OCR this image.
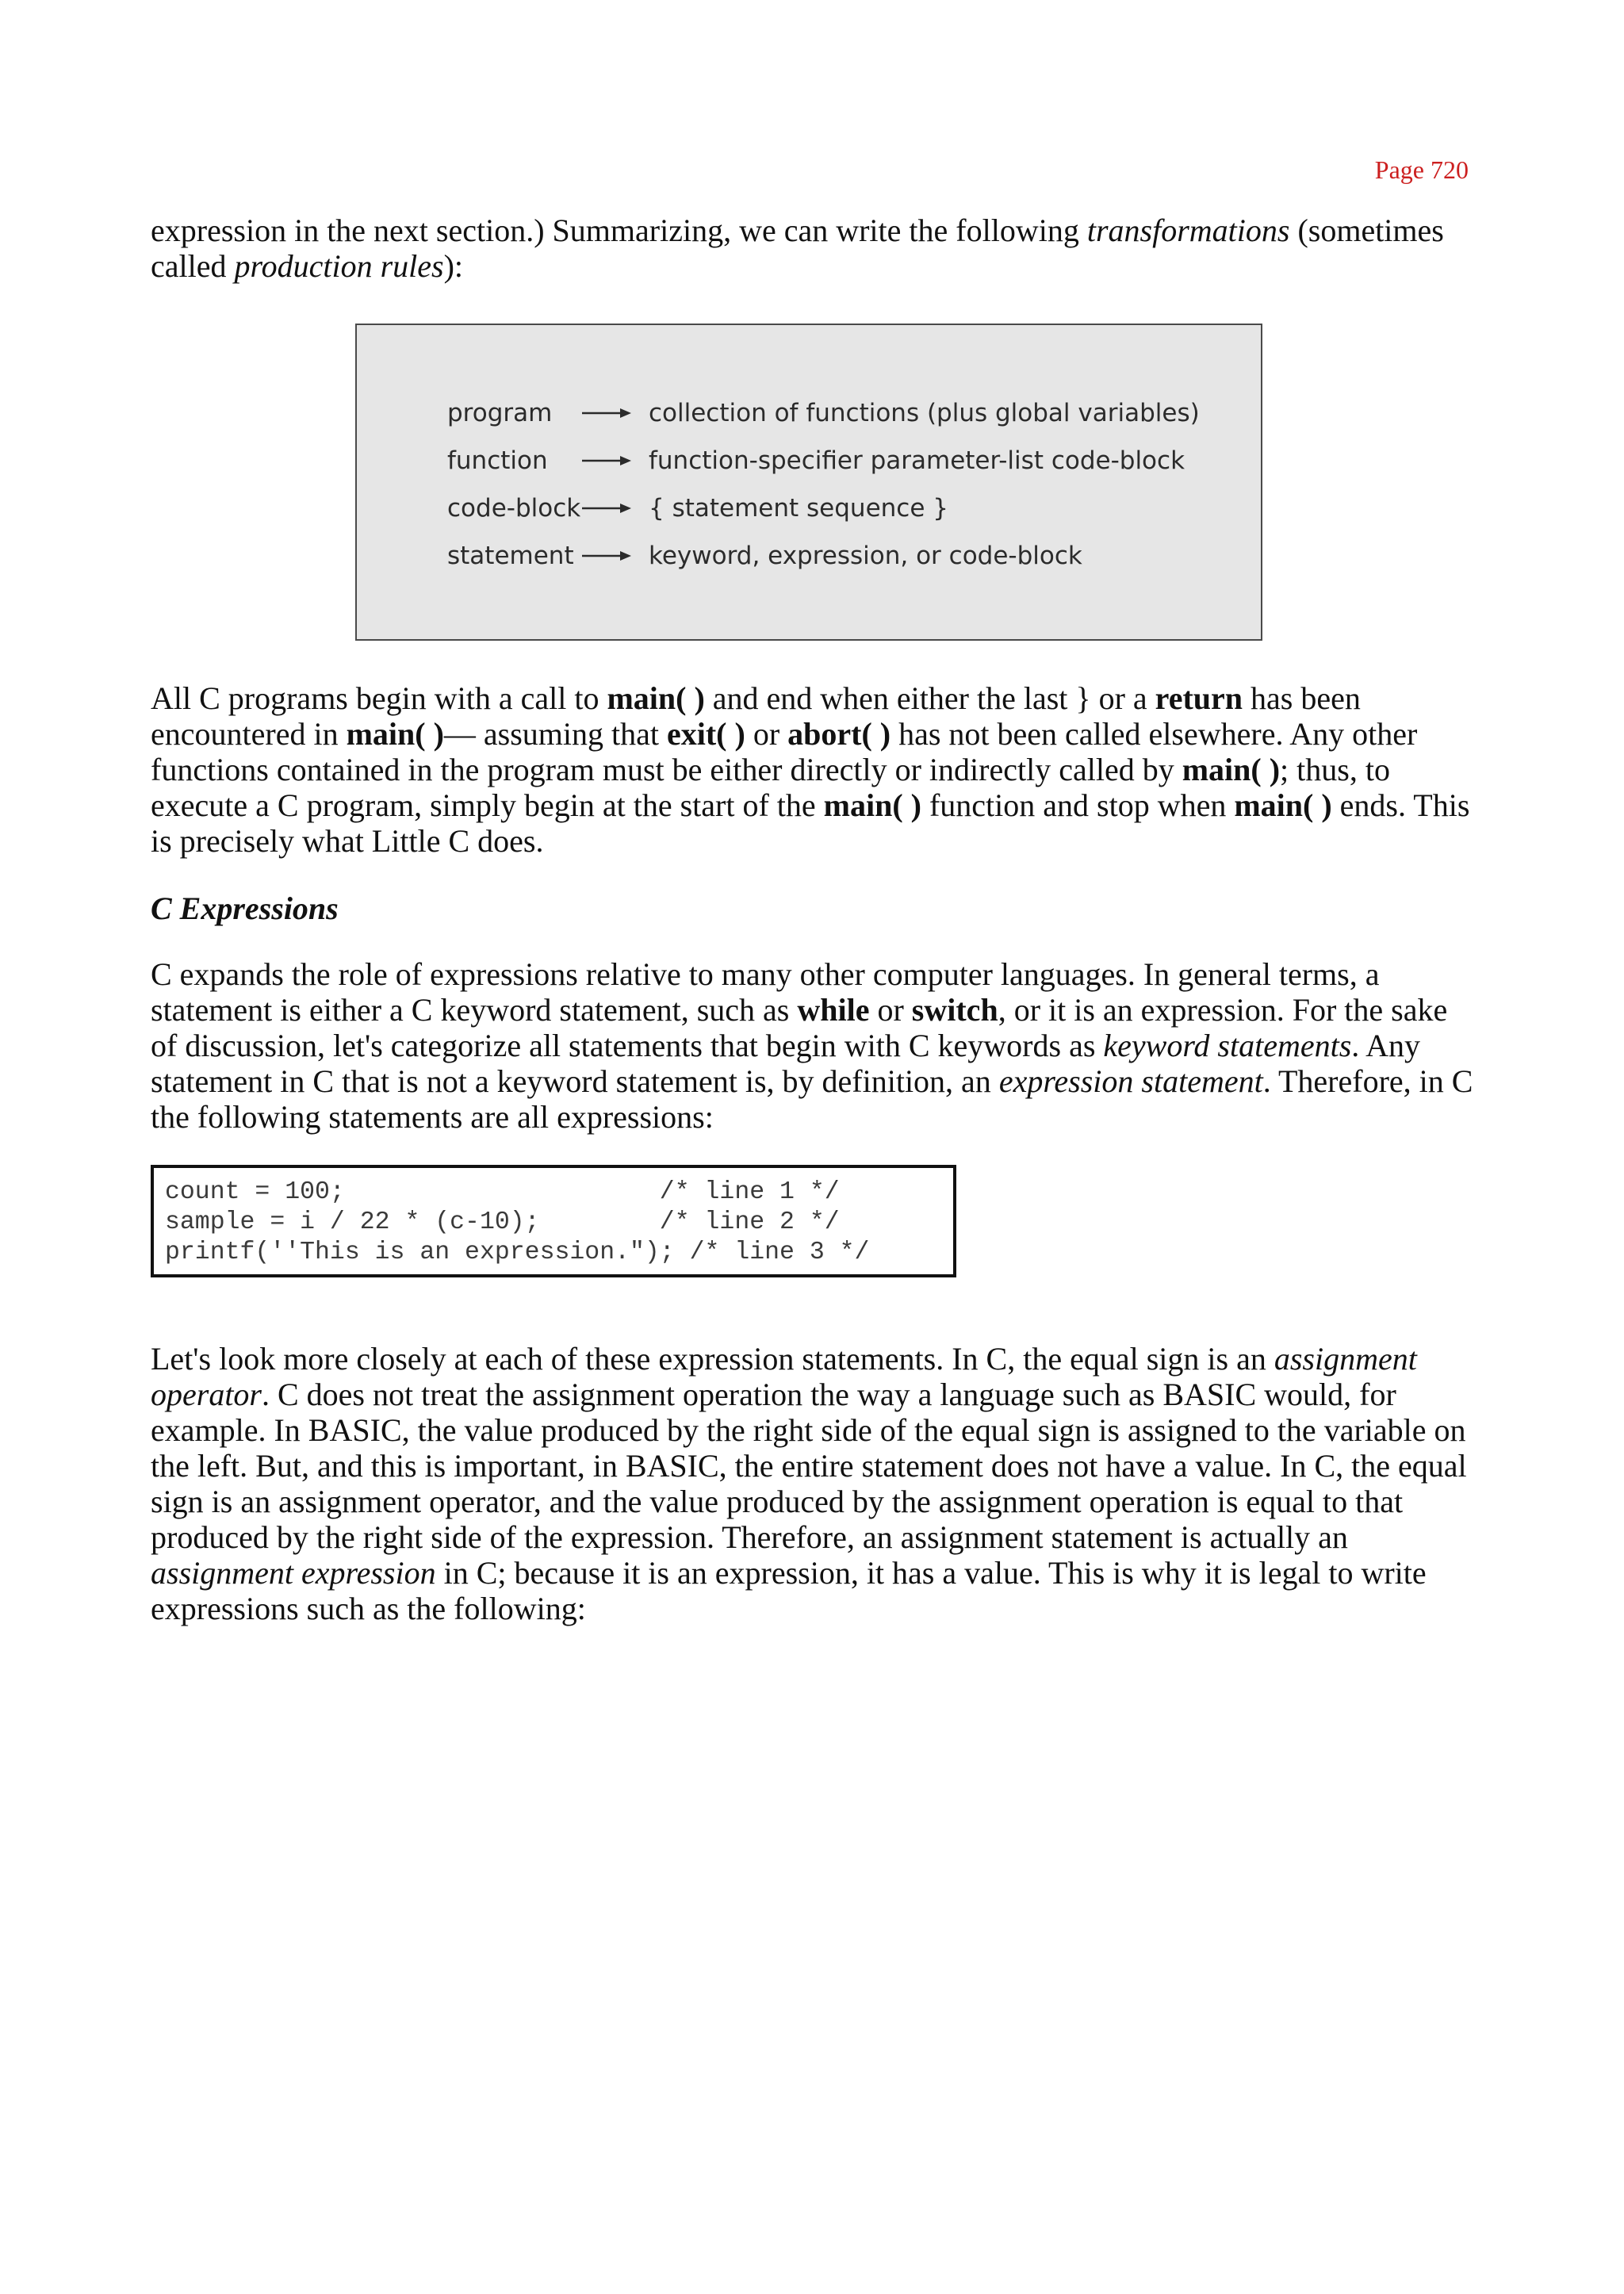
Page 720

expression in the next section.) Summarizing, we can write the following transformations (sometimes called production rules):

program	collection of functions (plus global variables)
function	function-specifier parameter-list code-block
code-block	{ statement sequence }
statement	keyword, expression, or code-block

All C programs begin with a call to main( ) and end when either the last } or a return has been encountered in main( )— assuming that exit( ) or abort( ) has not been called elsewhere. Any other functions contained in the program must be either directly or indirectly called by main( ); thus, to execute a C program, simply begin at the start of the main( ) function and stop when main( ) ends. This is precisely what Little C does.

C Expressions

C expands the role of expressions relative to many other computer languages. In general terms, a statement is either a C keyword statement, such as while or switch, or it is an expression. For the sake of discussion, let's categorize all statements that begin with C keywords as keyword statements. Any statement in C that is not a keyword statement is, by definition, an expression statement. Therefore, in C the following statements are all expressions:

count = 100;                     /* line 1 */
sample = i / 22 * (c-10);        /* line 2 */
printf(''This is an expression."); /* line 3 */

Let's look more closely at each of these expression statements. In C, the equal sign is an assignment operator. C does not treat the assignment operation the way a language such as BASIC would, for example. In BASIC, the value produced by the right side of the equal sign is assigned to the variable on the left. But, and this is important, in BASIC, the entire statement does not have a value. In C, the equal sign is an assignment operator, and the value produced by the assignment operation is equal to that produced by the right side of the expression. Therefore, an assignment statement is actually an assignment expression in C; because it is an expression, it has a value. This is why it is legal to write expressions such as the following:
